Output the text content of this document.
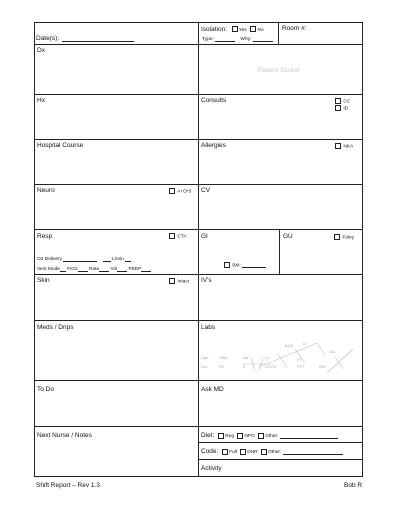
Date(s):
Isolation: Yes No
Type:	Why:
Room #:
Dx
Hx
Hospital Course
Neuro	A+O*3
Resp	CTA
O2 Delivery	L/min
Vent Mode FiO2 Rate Vol PEEP
Skin	Intact
Meds / Drips
To Do
Next Nurse / Notes
Patient Sticker
Consults	CC
ID
Allergies	NKA
CV
GI
BM:
GU	Foley
IV's
Labs
Hgb
Hct
WBC
Plt
Na
K
Cl
HCO3
BUN Cr
Glu
PT
PTT	INR
Ask MD
Diet: Reg NPO Other:
Code: Full DNR Other:
Activity
Shift Report – Rev 1.3	Bob R
